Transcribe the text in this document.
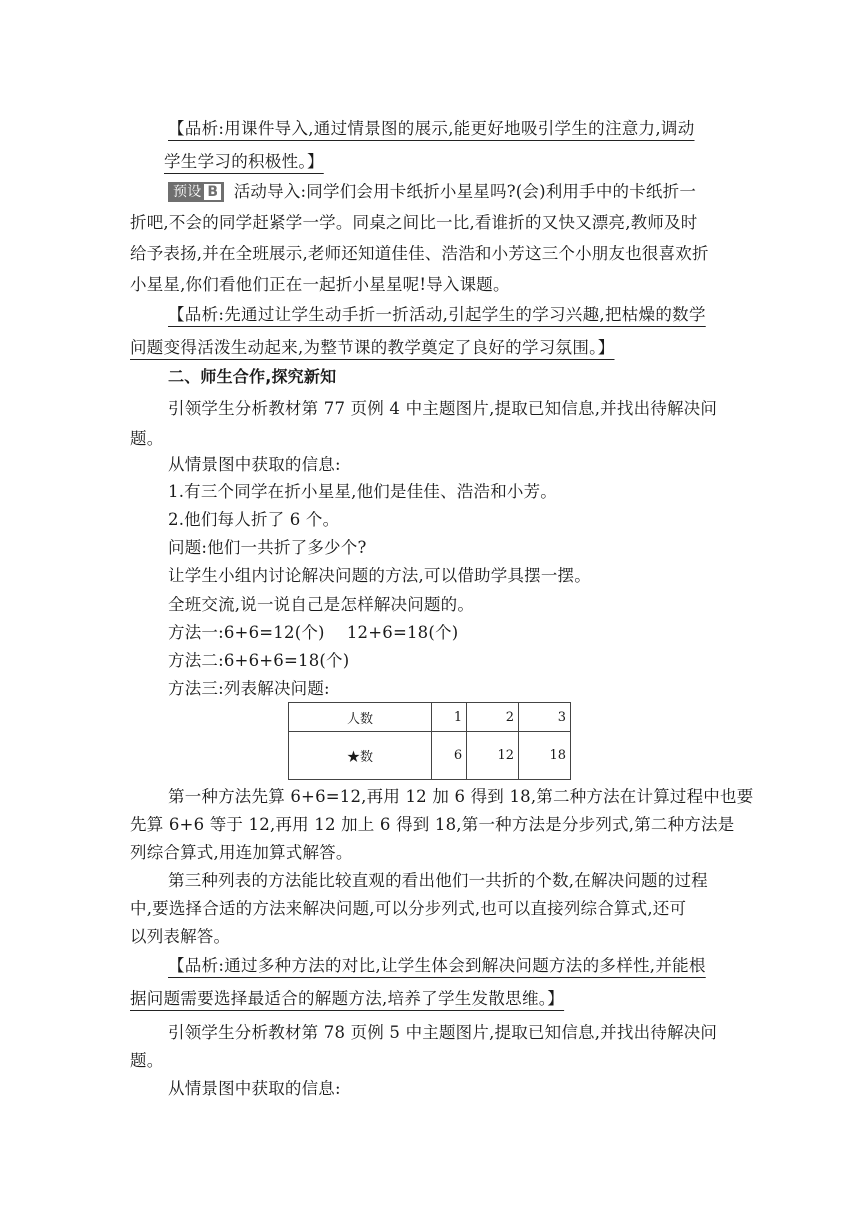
【品析:用课件导入,通过情景图的展示,能更好地吸引学生的注意力,调动
学生学习的积极性。】
预设 B 活动导入:同学们会用卡纸折小星星吗?(会)利用手中的卡纸折一
折吧,不会的同学赶紧学一学。同桌之间比一比,看谁折的又快又漂亮,教师及时
给予表扬,并在全班展示,老师还知道佳佳、浩浩和小芳这三个小朋友也很喜欢折
小星星,你们看他们正在一起折小星星呢!导入课题。
【品析:先通过让学生动手折一折活动,引起学生的学习兴趣,把枯燥的数学
问题变得活泼生动起来,为整节课的教学奠定了良好的学习氛围。】
二、师生合作,探究新知
引领学生分析教材第 77 页例 4 中主题图片,提取已知信息,并找出待解决问
题。
从情景图中获取的信息:
1.有三个同学在折小星星,他们是佳佳、浩浩和小芳。
2.他们每人折了 6 个。
问题:他们一共折了多少个?
让学生小组内讨论解决问题的方法,可以借助学具摆一摆。
全班交流,说一说自己是怎样解决问题的。
方法一:6+6=12(个)　 12+6=18(个)
方法二:6+6+6=18(个)
方法三:列表解决问题:
人数	1	2	3
★数	6	12	18
第一种方法先算 6+6=12,再用 12 加 6 得到 18,第二种方法在计算过程中也要
先算 6+6 等于 12,再用 12 加上 6 得到 18,第一种方法是分步列式,第二种方法是
列综合算式,用连加算式解答。
第三种列表的方法能比较直观的看出他们一共折的个数,在解决问题的过程
中,要选择合适的方法来解决问题,可以分步列式,也可以直接列综合算式,还可
以列表解答。
【品析:通过多种方法的对比,让学生体会到解决问题方法的多样性,并能根
据问题需要选择最适合的解题方法,培养了学生发散思维。】
引领学生分析教材第 78 页例 5 中主题图片,提取已知信息,并找出待解决问
题。
从情景图中获取的信息:
